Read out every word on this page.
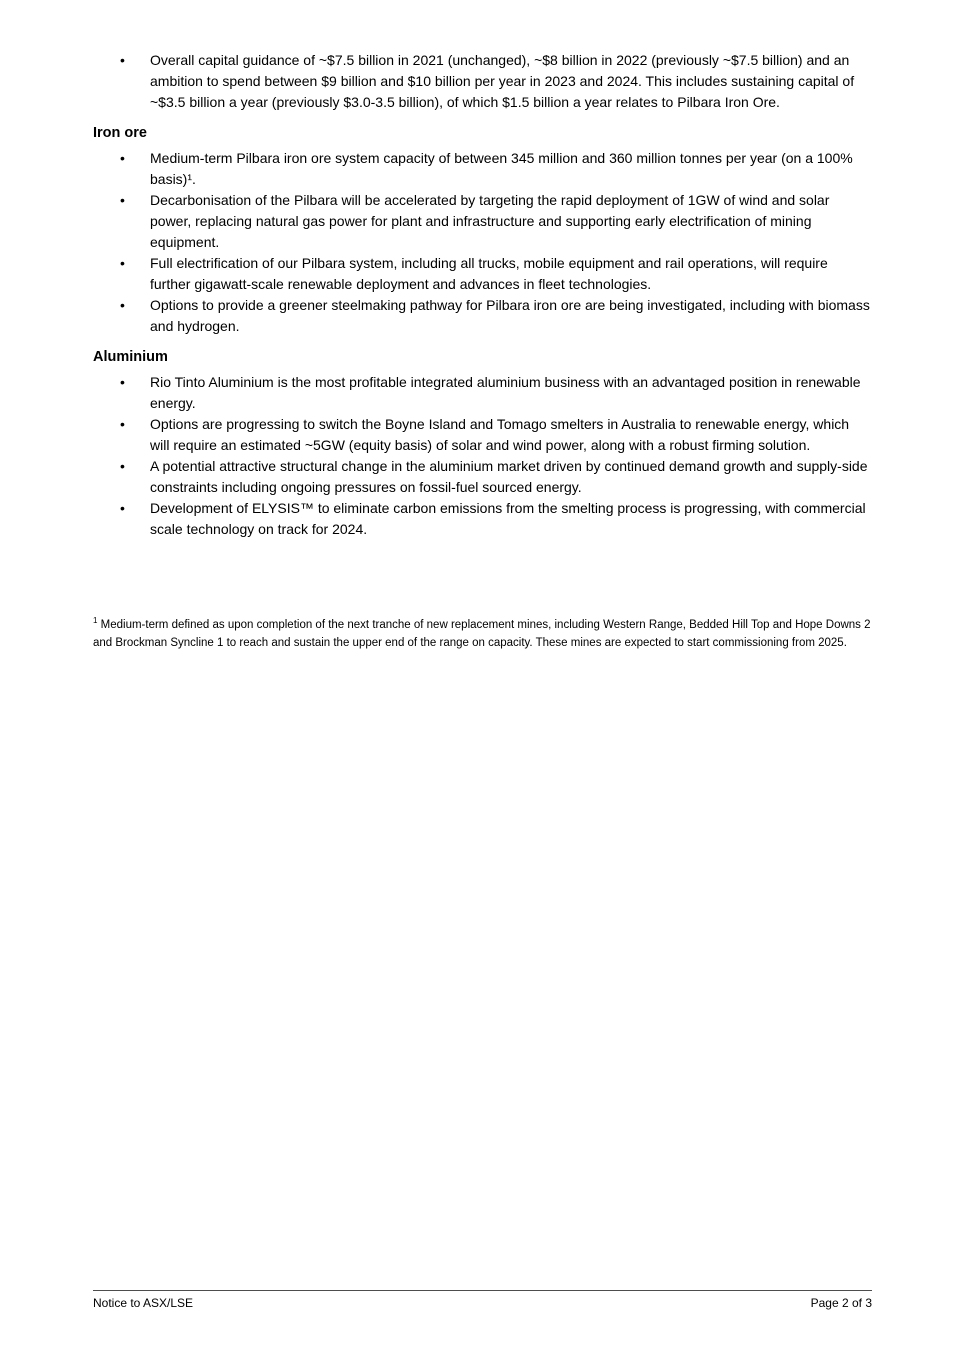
• Overall capital guidance of ~$7.5 billion in 2021 (unchanged), ~$8 billion in 2022 (previously ~$7.5 billion) and an ambition to spend between $9 billion and $10 billion per year in 2023 and 2024. This includes sustaining capital of ~$3.5 billion a year (previously $3.0-3.5 billion), of which $1.5 billion a year relates to Pilbara Iron Ore.
Iron ore
• Medium-term Pilbara iron ore system capacity of between 345 million and 360 million tonnes per year (on a 100% basis)¹.
• Decarbonisation of the Pilbara will be accelerated by targeting the rapid deployment of 1GW of wind and solar power, replacing natural gas power for plant and infrastructure and supporting early electrification of mining equipment.
• Full electrification of our Pilbara system, including all trucks, mobile equipment and rail operations, will require further gigawatt-scale renewable deployment and advances in fleet technologies.
• Options to provide a greener steelmaking pathway for Pilbara iron ore are being investigated, including with biomass and hydrogen.
Aluminium
• Rio Tinto Aluminium is the most profitable integrated aluminium business with an advantaged position in renewable energy.
• Options are progressing to switch the Boyne Island and Tomago smelters in Australia to renewable energy, which will require an estimated ~5GW (equity basis) of solar and wind power, along with a robust firming solution.
• A potential attractive structural change in the aluminium market driven by continued demand growth and supply-side constraints including ongoing pressures on fossil-fuel sourced energy.
• Development of ELYSIS™ to eliminate carbon emissions from the smelting process is progressing, with commercial scale technology on track for 2024.
$^1$ Medium-term defined as upon completion of the next tranche of new replacement mines, including Western Range, Bedded Hill Top and Hope Downs 2 and Brockman Syncline 1 to reach and sustain the upper end of the range on capacity. These mines are expected to start commissioning from 2025.
Notice to ASX/LSE	Page 2 of 3
